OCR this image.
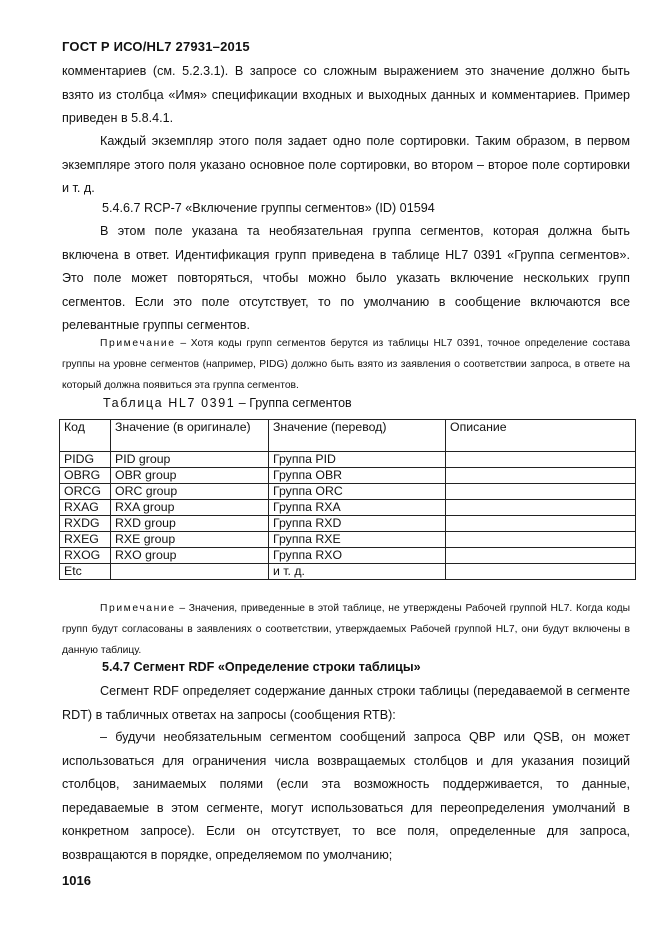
ГОСТ Р ИСО/HL7 27931–2015
комментариев (см. 5.2.3.1). В запросе со сложным выражением это значение должно быть взято из столбца «Имя» спецификации входных и выходных данных и комментариев. Пример приведен в 5.8.4.1.
Каждый экземпляр этого поля задает одно поле сортировки. Таким образом, в первом экземпляре этого поля указано основное поле сортировки, во втором – второе поле сортировки и т. д.
5.4.6.7 RCP-7 «Включение группы сегментов» (ID) 01594
В этом поле указана та необязательная группа сегментов, которая должна быть включена в ответ. Идентификация групп приведена в таблице HL7 0391 «Группа сегментов». Это поле может повторяться, чтобы можно было указать включение нескольких групп сегментов. Если это поле отсутствует, то по умолчанию в сообщение включаются все релевантные группы сегментов.
Примечание – Хотя коды групп сегментов берутся из таблицы HL7 0391, точное определение состава группы на уровне сегментов (например, PIDG) должно быть взято из заявления о соответствии запроса, в ответе на который должна появиться эта группа сегментов.
Таблица HL7 0391 – Группа сегментов
Код	Значение (в оригинале)	Значение (перевод)	Описание
PIDG	PID group	Группа PID	
OBRG	OBR group	Группа OBR	
ORCG	ORC group	Группа ORC	
RXAG	RXA group	Группа RXA	
RXDG	RXD group	Группа RXD	
RXEG	RXE group	Группа RXE	
RXOG	RXO group	Группа RXO	
Etc		и т. д.	
Примечание – Значения, приведенные в этой таблице, не утверждены Рабочей группой HL7. Когда коды групп будут согласованы в заявлениях о соответствии, утверждаемых Рабочей группой HL7, они будут включены в данную таблицу.
5.4.7 Сегмент RDF «Определение строки таблицы»
Сегмент RDF определяет содержание данных строки таблицы (передаваемой в сегменте RDT) в табличных ответах на запросы (сообщения RTB):
– будучи необязательным сегментом сообщений запроса QBP или QSB, он может использоваться для ограничения числа возвращаемых столбцов и для указания позиций столбцов, занимаемых полями (если эта возможность поддерживается, то данные, передаваемые в этом сегменте, могут использоваться для переопределения умолчаний в конкретном запросе). Если он отсутствует, то все поля, определенные для запроса, возвращаются в порядке, определяемом по умолчанию;
1016
